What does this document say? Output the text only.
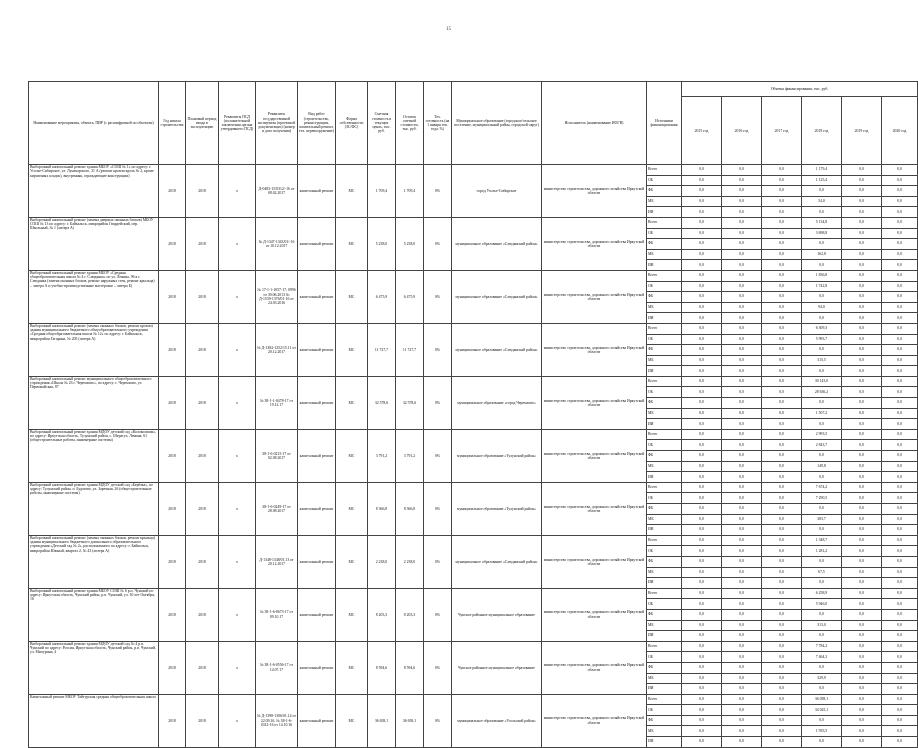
15
Наименование мероприятия, объекта, ПИР (с расшифровкой по объектам)	Год начала строительства	Плановый период ввода в эксплуатацию	Реквизиты ПСД (положительной заключения органа утвердившего ПСД)	Реквизиты государственной экспертизы (проектной документации) (номер и дата получения)	Вид работ (строительство, реконструкция, капитальный ремонт, тех. перевооружение)	Форма собственности (ЗС/ФС)	Сметная стоимость в текущих ценах, тыс. руб.	Остаток сметной стоимости, тыс. руб.	Тех. готовность (на 1 января тек. года, %)	Муниципальное образование (городское/сельское поселение, муниципальный район, городской округ)	Исполнитель (наименование ИОГВ)	Источники финансирования	Объемы финансирования, тыс. руб.					
													2015 год	2016 год	2017 год	2018 год	2019 год	2020 год
Выборочный капитальный ремонт здания МБОУ «СОШ № 1» по адресу: г. Усолье-Сибирское, ул. Луначарского, 31 А (ремонт кровли вдоль № 2, кроме кирпичных кладок), внутренняя, ограждающие конструкции)	2018	2018	х	Д-0483-15/0312/-16 от 08.02.2017	капитальный ремонт	МС	1 709,4	1 709,4	0%	город Усолье-Сибирское	министерство строительства, дорожного хозяйства Иркутской области	Всего	0,0	0,0	0,0	1 179,4	0,0	0,0
												ОБ	0,0	0,0	0,0	1 125,4	0,0	0,0
												ФБ	0,0	0,0	0,0	0,0	0,0	0,0
												МБ	0,0	0,0	0,0	54,0	0,0	0,0
												ИИ	0,0	0,0	0,0	0,0	0,0	0,0
Выборочный капитальный ремонт (замена дверных оконных блоков) МБОУ СОШ № 13 по адресу: г. Байкальск, микрорайон Гвардейский, пер. Школьный, № 1 (литера А)	2018	2018	х	№ Д-1347-1343/01/-16 от 10.12.2017	капитальный ремонт	МС	5 238,0	5 238,0	0%	муниципальное образование «Слюдянский район»	министерство строительства, дорожного хозяйства Иркутской области	Всего	0,0	0,0	0,0	5 134,8	0,0	0,0
												ОБ	0,0	0,0	0,0	3 698,8	0,0	0,0
												ФБ	0,0	0,0	0,0	0,0	0,0	0,0
												МБ	0,0	0,0	0,0	162,8	0,0	0,0
												ИИ	0,0	0,0	0,0	0,0	0,0	0,0
Выборочный капитальный ремонт здания МБОУ «Средняя общеобразовательная школа № 4 г. Слюдянка» по ул. Ленина, 96 в г. Слюдянка (замена оконных блоков, ремонт наружных стен, ремонт крыльца) – литера А и учебно-производственные мастерские – литера Б)	2018	2018	х	№ 17-1-1-1057-17; 0996 от 30.06.2013 № Д-1539-1376/01-16 от 24.03.2016	капитальный ремонт	МС	6 475,9	6 475,9	0%	муниципальное образование «Слюдянский район»	министерство строительства, дорожного хозяйства Иркутской области	Всего	0,0	0,0	0,0	1 836,8	0,0	0,0
												ОБ	0,0	0,0	0,0	1 742,8	0,0	0,0
												ФБ	0,0	0,0	0,0	0,0	0,0	0,0
												МБ	0,0	0,0	0,0	94,0	0,0	0,0
												ИИ	0,0	0,0	0,0	0,0	0,0	0,0
Выборочный капитальный ремонт (замена оконных блоков, ремонт кровли) здания муниципального бюджетного общеобразовательного учреждения «Средняя общеобразовательная школа № 12» по адресу: г. Байкальск, микрорайон Гагарина, № 205 (литера А)	2018	2018	х	№ Д-1382-1252/15.11 от 20.12.2017	капитальный ремонт	МС	11 727,7	11 727,7	0%	муниципальное образование «Слюдянский район»	министерство строительства, дорожного хозяйства Иркутской области	Всего	0,0	0,0	0,0	6 309,3	0,0	0,0
												ОБ	0,0	0,0	0,0	5 993,7	0,0	0,0
												ФБ	0,0	0,0	0,0	0,0	0,0	0,0
												МБ	0,0	0,0	0,0	315,5	0,0	0,0
												ИИ	0,0	0,0	0,0	0,0	0,0	0,0
Выборочный капитальный ремонт муниципального общеобразовательного учреждения «Школа № 23 г. Черемхово», по адресу: г. Черемхово, ул. Первомайская, 87	2018	2018	х	№ 38-1-1-0478-17 от 19.12.17	капитальный ремонт	МС	32 578,6	32 578,6	0%	муниципальное образование «город Черемхово»	министерство строительства, дорожного хозяйства Иркутской области	Всего	0,0	0,0	0,0	30 143,0	0,0	0,0
												ОБ	0,0	0,0	0,0	28 636,2	0,0	0,0
												ФБ	0,0	0,0	0,0	0,0	0,0	0,0
												МБ	0,0	0,0	0,0	1 507,2	0,0	0,0
												ИИ	0,0	0,0	0,0	0,0	0,0	0,0
Выборочный капитальный ремонт здания МДОУ детский сад «Колокольчик», по адресу: Иркутская область, Тулунский район, с. Шерагул, Ленина, 61 (общестроительные работы, инженерные системы)	2018	2018	х	38-1-6-0215-17 от 02.08.2017	капитальный ремонт	МС	3 791,2	3 791,2	0%	муниципальное образование «Тулунский район»	министерство строительства, дорожного хозяйства Иркутской области	Всего	0,0	0,0	0,0	2 993,5	0,0	0,0
												ОБ	0,0	0,0	0,0	2 843,7	0,0	0,0
												ФБ	0,0	0,0	0,0	0,0	0,0	0,0
												МБ	0,0	0,0	0,0	149,8	0,0	0,0
												ИИ	0,0	0,0	0,0	0,0	0,0	0,0
Выборочный капитальный ремонт здания МДОУ детский сад «Берёзка», по адресу: Тулунский район, п. Будагово, ул. Заречная, 26 (общестроительные работы, инженерные системы)	2018	2018	х	38-1-6-0249-17 от 28.08.2017	капитальный ремонт	МС	8 366,8	8 366,8	0%	муниципальное образование «Тулунский район»	министерство строительства, дорожного хозяйства Иркутской области	Всего	0,0	0,0	0,0	7 674,2	0,0	0,0
												ОБ	0,0	0,0	0,0	7 290,5	0,0	0,0
												ФБ	0,0	0,0	0,0	0,0	0,0	0,0
												МБ	0,0	0,0	0,0	383,7	0,0	0,0
												ИИ	0,0	0,0	0,0	0,0	0,0	0,0
Выборочный капитальный ремонт (замена оконных блоков, ремонт крыльца) здания муниципального бюджетного дошкольного образовательного учреждения «Детский сад № 2», расположенного по адресу: г. Байкальск, микрорайон Южный, квартал 2, № 43 (литера А)	2018	2018	х	Д-1348-1348/01.13 от 20.12.2017	капитальный ремонт	МС	2 238,0	2 238,0	0%	муниципальное образование «Слюдянский район»	министерство строительства, дорожного хозяйства Иркутской области	Всего	0,0	0,0	0,0	1 348,7	0,0	0,0
												ОБ	0,0	0,0	0,0	1 281,2	0,0	0,0
												ФБ	0,0	0,0	0,0	0,0	0,0	0,0
												МБ	0,0	0,0	0,0	67,5	0,0	0,0
												ИИ	0,0	0,0	0,0	0,0	0,0	0,0
Выборочный капитальный ремонт здания МБОУ СОШ № 6 р.п. Чунский по адресу: Иркутская область, Чунский район, р.п. Чунский, ул. 30 лет Октября, 16	2018	2018	х	№ 38-1-6-0673-17 от 09.10.17	капитальный ремонт	МС	8 203,3	8 203,3	0%	Чунское районное муниципальное образование	министерство строительства, дорожного хозяйства Иркутской области	Всего	0,0	0,0	0,0	6 258,9	0,0	0,0
												ОБ	0,0	0,0	0,0	5 946,0	0,0	0,0
												ФБ	0,0	0,0	0,0	0,0	0,0	0,0
												МБ	0,0	0,0	0,0	313,0	0,0	0,0
												ИИ	0,0	0,0	0,0	0,0	0,0	0,0
Выборочный капитальный ремонт здания МДОУ детский сад № 4 р.п. Чунский по адресу: Россия, Иркутская область, Чунский район, р.п. Чунский, ул. Мичурина, 4	2018	2018	х	№ 38-1-6-0556-17 от 14.07.17	капитальный ремонт	МС	8 594,6	8 594,6	0%	Чунское районное муниципальное образование	министерство строительства, дорожного хозяйства Иркутской области	Всего	0,0	0,0	0,0	7 784,2	0,0	0,0
												ОБ	0,0	0,0	0,0	7 464,3	0,0	0,0
												ФБ	0,0	0,0	0,0	0,0	0,0	0,0
												МБ	0,0	0,0	0,0	329,9	0,0	0,0
												ИИ	0,0	0,0	0,0	0,0	0,0	0,0
Капитальный ремонт МБОУ Тайтурская средняя общеобразовательная школа	2018	2018	х	№ Д-1398-1306/01.14 от 22.09.16, № 38-1-6-0312-16 от 14.10.16	капитальный ремонт	МС	36 658,1	36 658,1	0%	муниципальное образование «Усольский район»	министерство строительства, дорожного хозяйства Иркутской области	Всего	0,0	0,0	0,0	36 058,1	0,0	0,0
												ОБ	0,0	0,0	0,0	34 025,1	0,0	0,0
												ФБ	0,0	0,0	0,0	0,0	0,0	0,0
												МБ	0,0	0,0	0,0	1 935,5	0,0	0,0
												ИИ	0,0	0,0	0,0	0,0	0,0	0,0
